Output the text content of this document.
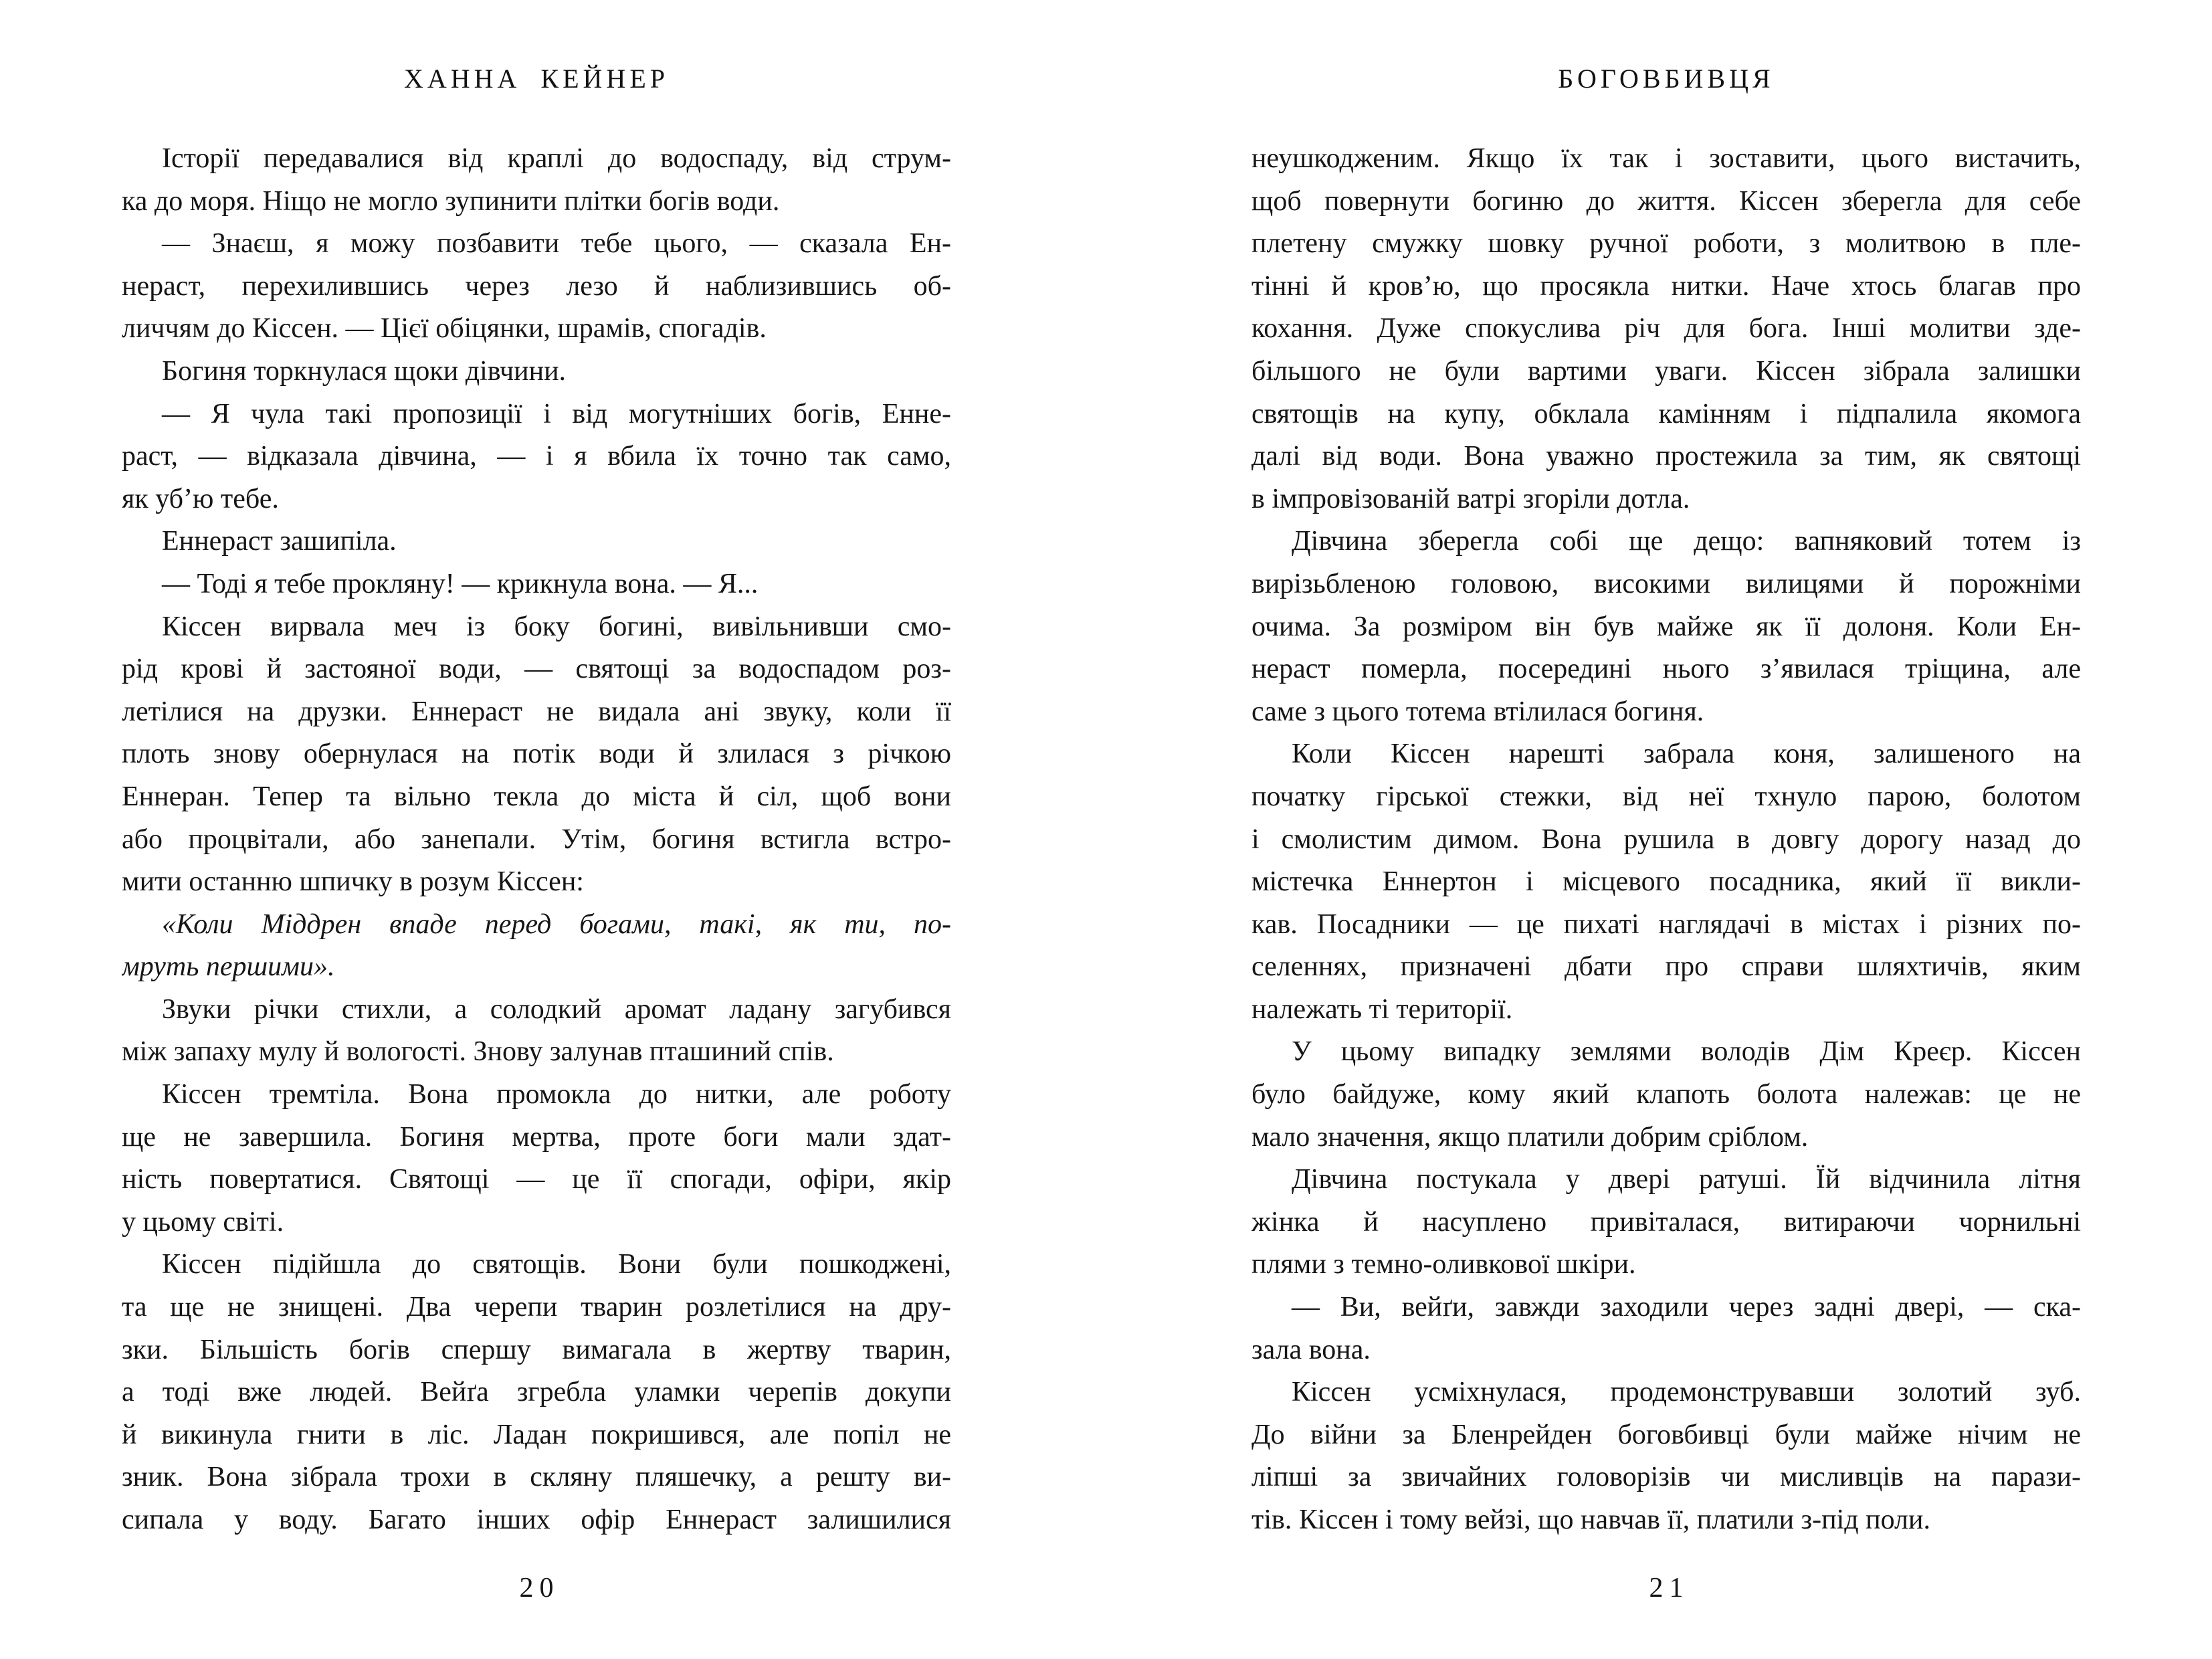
ХАННА КЕЙНЕР
Історії передавалися від краплі до водоспаду, від струм-
ка до моря. Ніщо не могло зупинити плітки богів води.
— Знаєш, я можу позбавити тебе цього, — сказала Ен-
нераст, перехилившись через лезо й наблизившись об-
личчям до Кіссен. — Цієї обіцянки, шрамів, спогадів.
Богиня торкнулася щоки дівчини.
— Я чула такі пропозиції і від могутніших богів, Енне-
раст, — відказала дівчина, — і я вбила їх точно так само,
як уб’ю тебе.
Еннераст зашипіла.
— Тоді я тебе прокляну! — крикнула вона. — Я...
Кіссен вирвала меч із боку богині, вивільнивши смо-
рід крові й застояної води, — святощі за водоспадом роз-
летілися на друзки. Еннераст не видала ані звуку, коли її
плоть знову обернулася на потік води й злилася з річкою
Еннеран. Тепер та вільно текла до міста й сіл, щоб вони
або процвітали, або занепали. Утім, богиня встигла встро-
мити останню шпичку в розум Кіссен:
«Коли Міддрен впаде перед богами, такі, як ти, по-
мруть першими».
Звуки річки стихли, а солодкий аромат ладану загубився
між запаху мулу й вологості. Знову залунав пташиний спів.
Кіссен тремтіла. Вона промокла до нитки, але роботу
ще не завершила. Богиня мертва, проте боги мали здат-
ність повертатися. Святощі — це її спогади, офіри, якір
у цьому світі.
Кіссен підійшла до святощів. Вони були пошкоджені,
та ще не знищені. Два черепи тварин розлетілися на дру-
зки. Більшість богів спершу вимагала в жертву тварин,
а тоді вже людей. Вейґа згребла уламки черепів докупи
й викинула гнити в ліс. Ладан покришився, але попіл не
зник. Вона зібрала трохи в скляну пляшечку, а решту ви-
сипала у воду. Багато інших офір Еннераст залишилися
20
БОГОВБИВЦЯ
неушкодженим. Якщо їх так і зоставити, цього вистачить,
щоб повернути богиню до життя. Кіссен зберегла для себе
плетену смужку шовку ручної роботи, з молитвою в пле-
тінні й кров’ю, що просякла нитки. Наче хтось благав про
кохання. Дуже спокуслива річ для бога. Інші молитви зде-
більшого не були вартими уваги. Кіссен зібрала залишки
святощів на купу, обклала камінням і підпалила якомога
далі від води. Вона уважно простежила за тим, як святощі
в імпровізованій ватрі згоріли дотла.
Дівчина зберегла собі ще дещо: вапняковий тотем із
вирізьбленою головою, високими вилицями й порожніми
очима. За розміром він був майже як її долоня. Коли Ен-
нераст померла, посередині нього з’явилася тріщина, але
саме з цього тотема втілилася богиня.
Коли Кіссен нарешті забрала коня, залишеного на
початку гірської стежки, від неї тхнуло парою, болотом
і смолистим димом. Вона рушила в довгу дорогу назад до
містечка Еннертон і місцевого посадника, який її викли-
кав. Посадники — це пихаті наглядачі в містах і різних по-
селеннях, призначені дбати про справи шляхтичів, яким
належать ті території.
У цьому випадку землями володів Дім Креєр. Кіссен
було байдуже, кому який клапоть болота належав: це не
мало значення, якщо платили добрим сріблом.
Дівчина постукала у двері ратуші. Їй відчинила літня
жінка й насуплено привіталася, витираючи чорнильні
плями з темно-оливкової шкіри.
— Ви, вейґи, завжди заходили через задні двері, — ска-
зала вона.
Кіссен усміхнулася, продемонструвавши золотий зуб.
До війни за Бленрейден боговбивці були майже нічим не
ліпші за звичайних головорізів чи мисливців на парази-
тів. Кіссен і тому вейзі, що навчав її, платили з-під поли.
21
